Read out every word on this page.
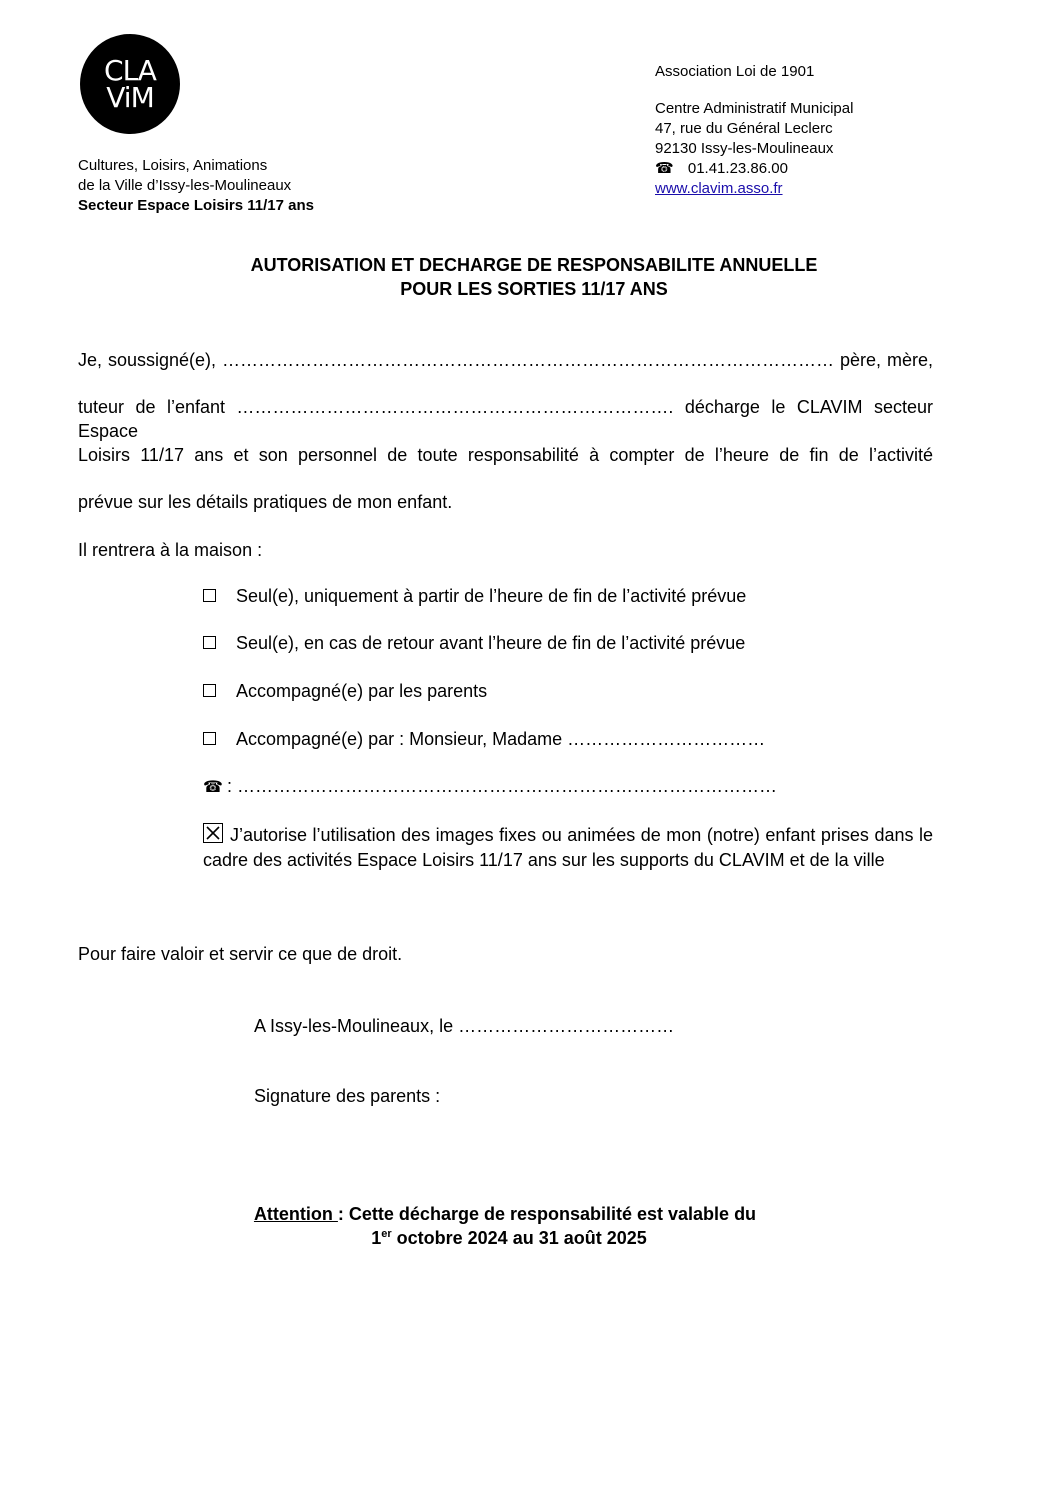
CLA
ViM
Cultures, Loisirs, Animations
de la Ville d’Issy-les-Moulineaux
Secteur Espace Loisirs 11/17 ans
Association Loi de 1901
Centre Administratif Municipal
47, rue du Général Leclerc
92130 Issy-les-Moulineaux
☎ 01.41.23.86.00
www.clavim.asso.fr
AUTORISATION ET DECHARGE DE RESPONSABILITE ANNUELLE
POUR LES SORTIES 11/17 ANS
Je, soussigné(e), ………………………………………………………………………………………… père, mère,
tuteur de l’enfant ………………………………………………………………. décharge le CLAVIM secteur Espace
Loisirs 11/17 ans et son personnel de toute responsabilité à compter de l’heure de fin de l’activité
prévue sur les détails pratiques de mon enfant.
Il rentrera à la maison :
Seul(e), uniquement à partir de l’heure de fin de l’activité prévue
Seul(e), en cas de retour avant l’heure de fin de l’activité prévue
Accompagné(e) par les parents
Accompagné(e) par : Monsieur, Madame ……………………………
☎ : ………………………………………………………………………………
J’autorise l’utilisation des images fixes ou animées de mon (notre) enfant prises dans le cadre des activités Espace Loisirs 11/17 ans sur les supports du CLAVIM et de la ville
Pour faire valoir et servir ce que de droit.
A Issy-les-Moulineaux, le ………………………………
Signature des parents :
Attention : Cette décharge de responsabilité est valable du
1er octobre 2024 au 31 août 2025
